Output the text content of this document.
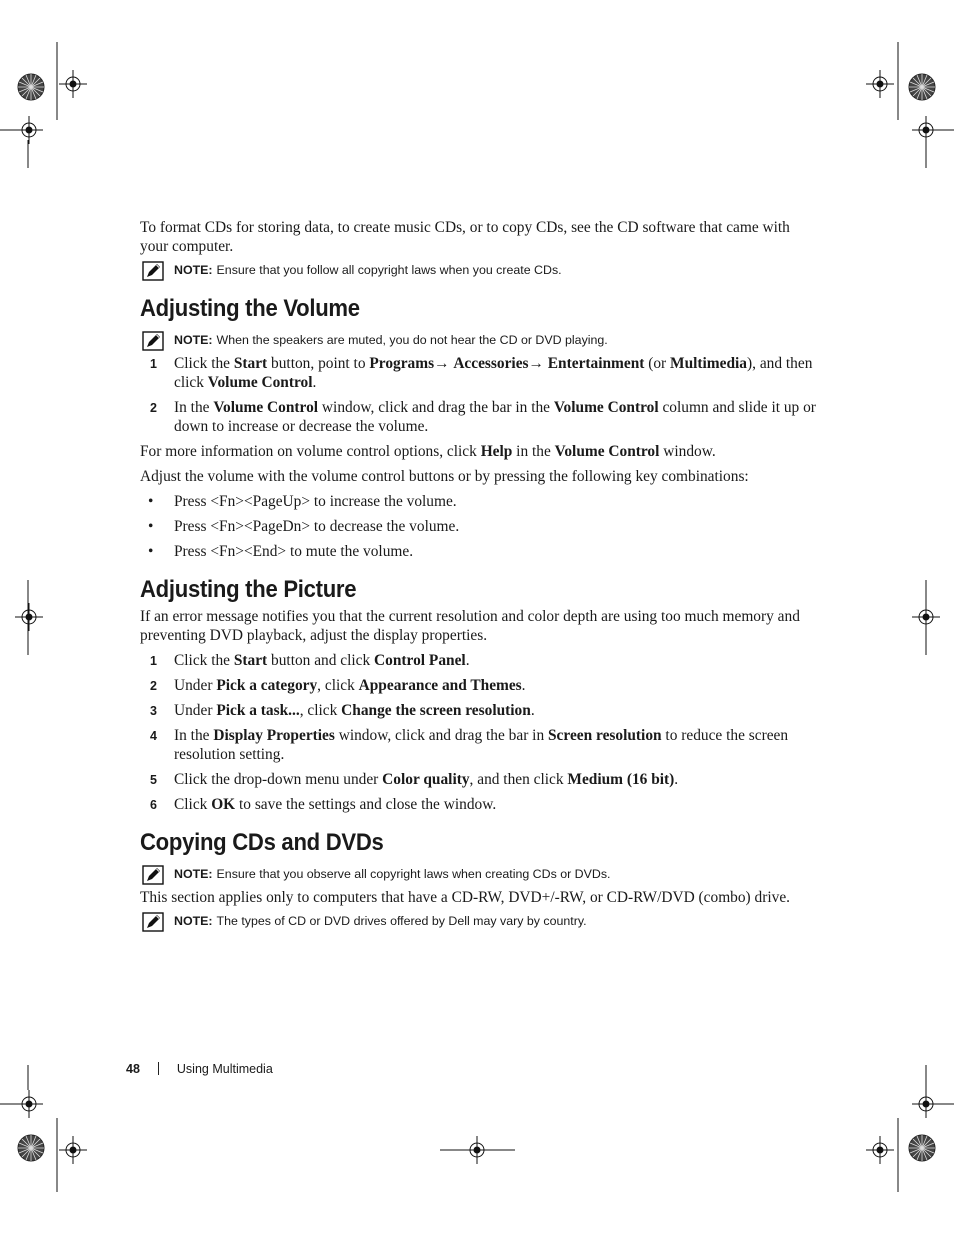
To format CDs for storing data, to create music CDs, or to copy CDs, see the CD software that came with your computer.

NOTE: Ensure that you follow all copyright laws when you create CDs.
Adjusting the Volume
NOTE: When the speakers are muted, you do not hear the CD or DVD playing.
1 Click the Start button, point to Programs→ Accessories→ Entertainment (or Multimedia), and then click Volume Control.
2 In the Volume Control window, click and drag the bar in the Volume Control column and slide it up or down to increase or decrease the volume.

For more information on volume control options, click Help in the Volume Control window.

Adjust the volume with the volume control buttons or by pressing the following key combinations:

• Press <Fn><PageUp> to increase the volume.
• Press <Fn><PageDn> to decrease the volume.
• Press <Fn><End> to mute the volume.
Adjusting the Picture

If an error message notifies you that the current resolution and color depth are using too much memory and preventing DVD playback, adjust the display properties.

1 Click the Start button and click Control Panel.
2 Under Pick a category, click Appearance and Themes.
3 Under Pick a task..., click Change the screen resolution.
4 In the Display Properties window, click and drag the bar in Screen resolution to reduce the screen resolution setting.
5 Click the drop-down menu under Color quality, and then click Medium (16 bit).
6 Click OK to save the settings and close the window.
Copying CDs and DVDs
NOTE: Ensure that you observe all copyright laws when creating CDs or DVDs.

This section applies only to computers that have a CD-RW, DVD+/-RW, or CD-RW/DVD (combo) drive.

NOTE: The types of CD or DVD drives offered by Dell may vary by country.
48	Using Multimedia
